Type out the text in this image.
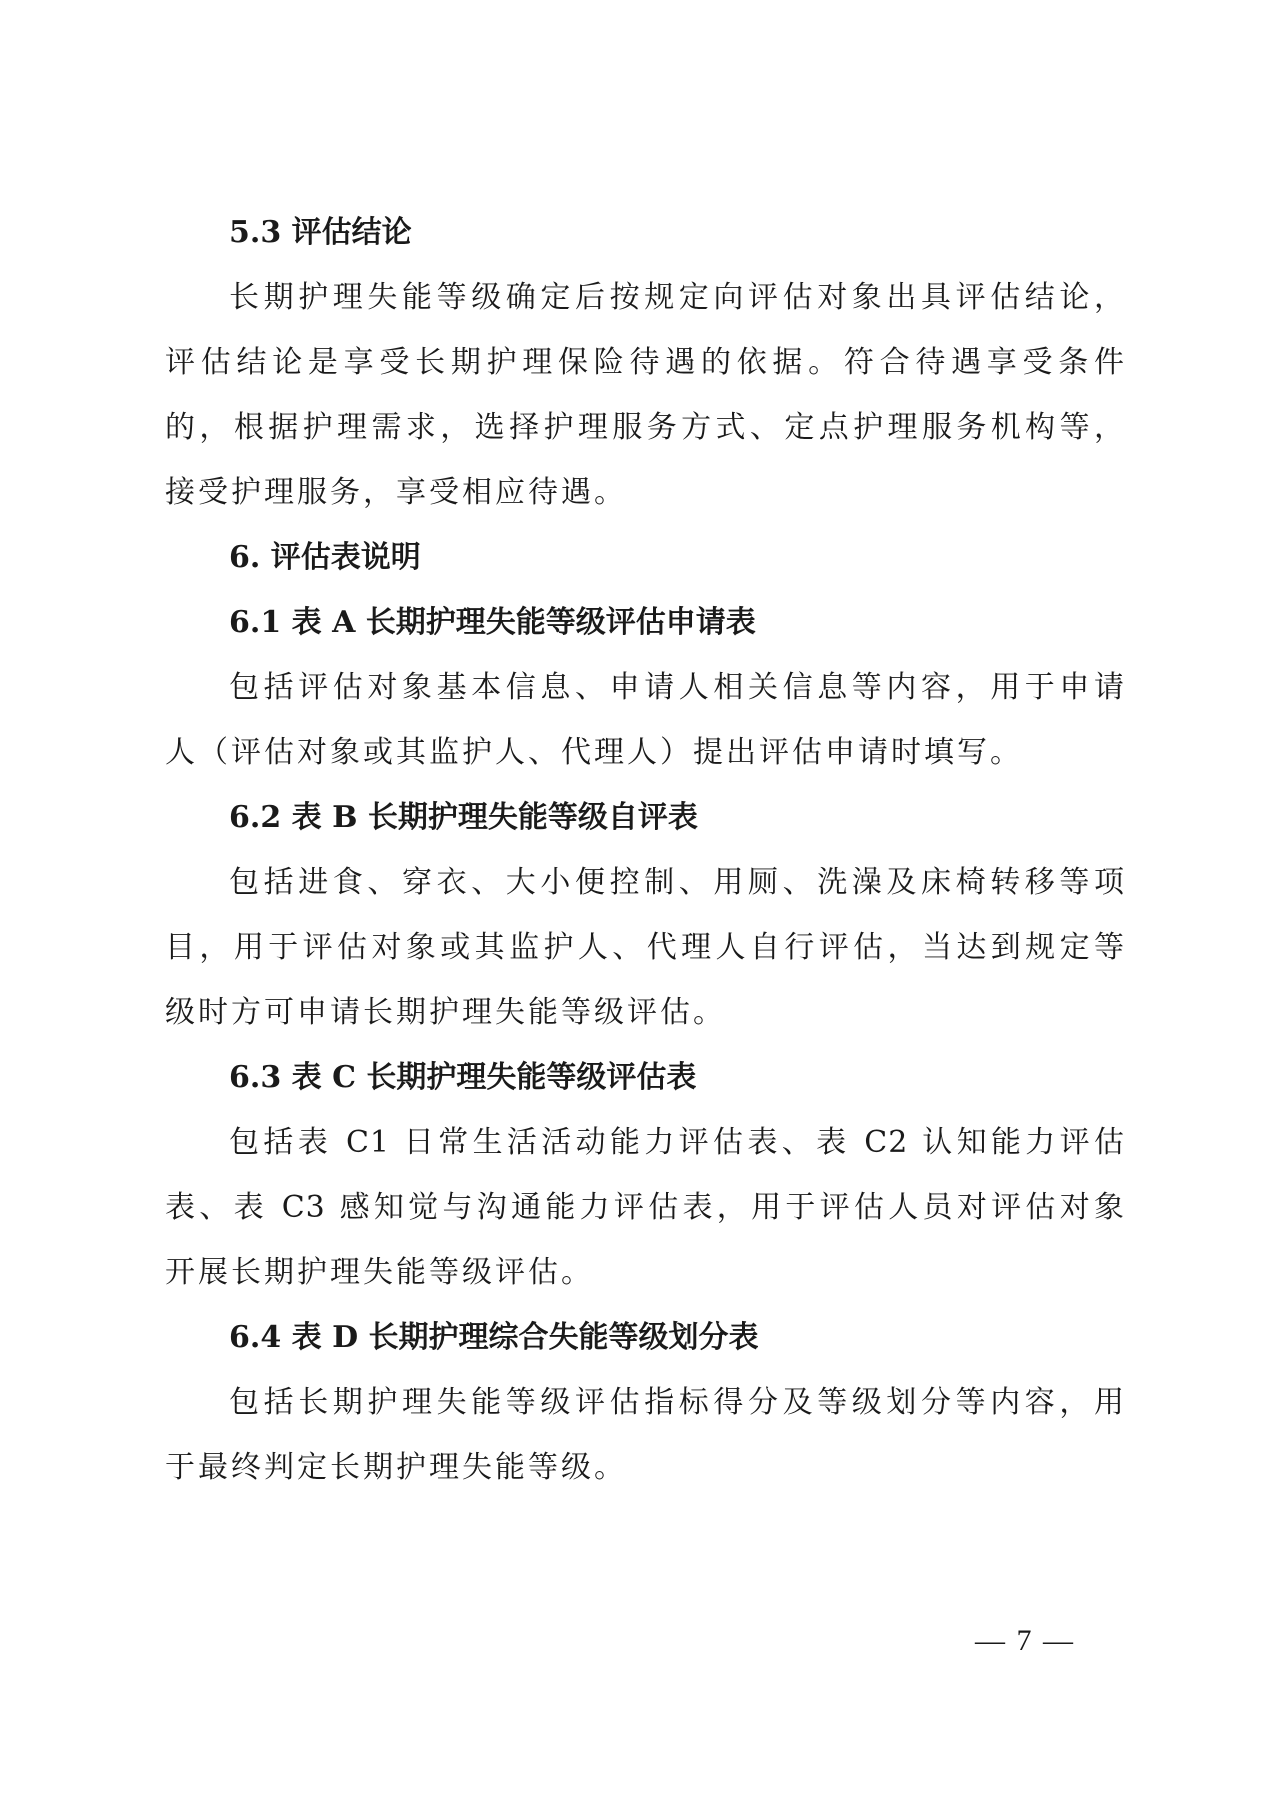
5.3 评估结论
长期护理失能等级确定后按规定向评估对象出具评估结论，
评估结论是享受长期护理保险待遇的依据。符合待遇享受条件
的，根据护理需求，选择护理服务方式、定点护理服务机构等，
接受护理服务，享受相应待遇。
6. 评估表说明
6.1 表 A 长期护理失能等级评估申请表
包括评估对象基本信息、申请人相关信息等内容，用于申请
人（评估对象或其监护人、代理人）提出评估申请时填写。
6.2 表 B 长期护理失能等级自评表
包括进食、穿衣、大小便控制、用厕、洗澡及床椅转移等项
目，用于评估对象或其监护人、代理人自行评估，当达到规定等
级时方可申请长期护理失能等级评估。
6.3 表 C 长期护理失能等级评估表
包括表 C1 日常生活活动能力评估表、表 C2 认知能力评估
表、表 C3 感知觉与沟通能力评估表，用于评估人员对评估对象
开展长期护理失能等级评估。
6.4 表 D 长期护理综合失能等级划分表
包括长期护理失能等级评估指标得分及等级划分等内容，用
于最终判定长期护理失能等级。
— 7 —
